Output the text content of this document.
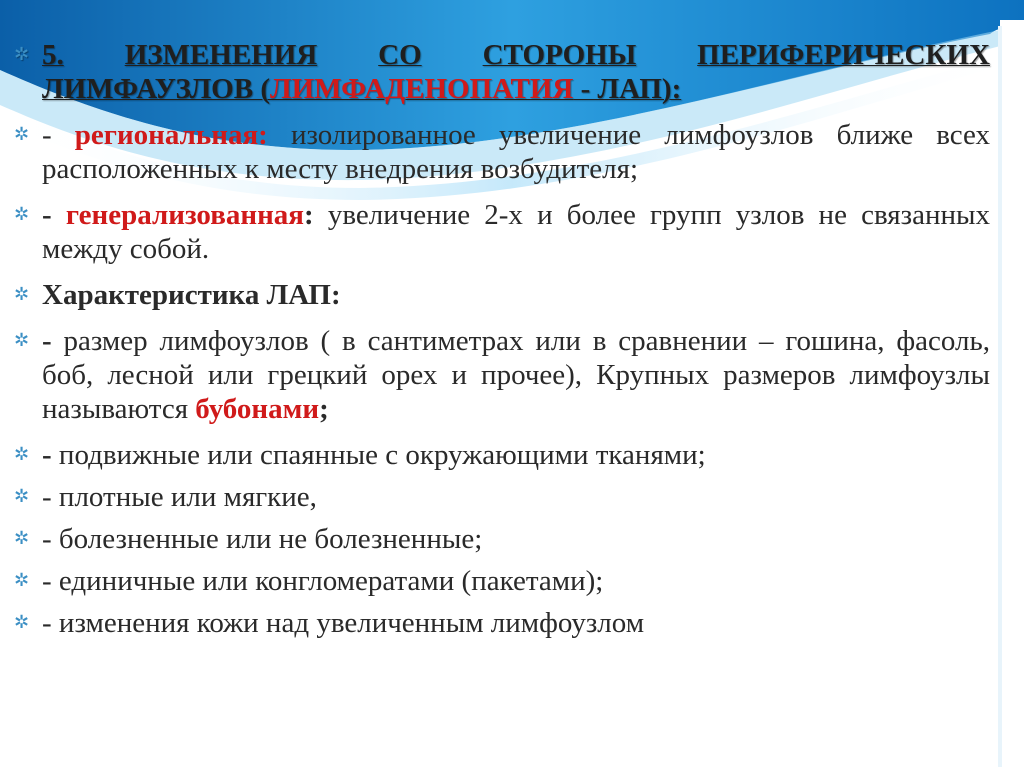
✲ 5. ИЗМЕНЕНИЯ СО СТОРОНЫ ПЕРИФЕРИЧЕСКИХ
ЛИМФАУЗЛОВ (ЛИМФАДЕНОПАТИЯ - ЛАП):
✲ - региональная: изолированное увеличение лимфоузлов ближе всех расположенных к месту внедрения возбудителя;
✲ - генерализованная: увеличение 2-х и более групп узлов не связанных между собой.
✲ Характеристика ЛАП:
✲ - размер лимфоузлов ( в сантиметрах или в сравнении – гошина, фасоль, боб, лесной или грецкий орех и прочее), Крупных размеров лимфоузлы называются бубонами;
✲ - подвижные или спаянные с окружающими тканями;
✲ - плотные или мягкие,
✲ - болезненные или не болезненные;
✲ - единичные или конгломератами (пакетами);
✲ - изменения кожи над увеличенным лимфоузлом
